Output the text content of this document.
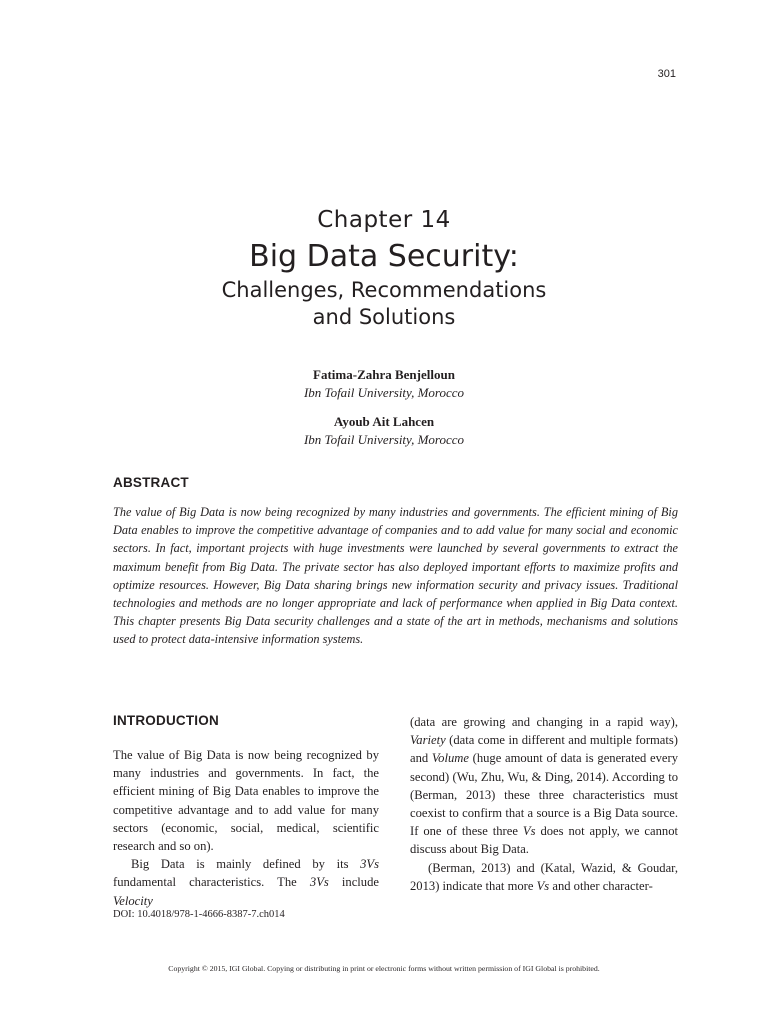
301
Chapter 14
Big Data Security:
Challenges, Recommendations
and Solutions
Fatima-Zahra Benjelloun
Ibn Tofail University, Morocco
Ayoub Ait Lahcen
Ibn Tofail University, Morocco
ABSTRACT

The value of Big Data is now being recognized by many industries and governments. The efficient mining of Big Data enables to improve the competitive advantage of companies and to add value for many social and economic sectors. In fact, important projects with huge investments were launched by several governments to extract the maximum benefit from Big Data. The private sector has also deployed important efforts to maximize profits and optimize resources. However, Big Data sharing brings new information security and privacy issues. Traditional technologies and methods are no longer appropriate and lack of performance when applied in Big Data context. This chapter presents Big Data security challenges and a state of the art in methods, mechanisms and solutions used to protect data-intensive information systems.

INTRODUCTION

The value of Big Data is now being recognized by many industries and governments. In fact, the efficient mining of Big Data enables to improve the competitive advantage and to add value for many sectors (economic, social, medical, scientific research and so on).

Big Data is mainly defined by its 3Vs fundamental characteristics. The 3Vs include Velocity

(data are growing and changing in a rapid way), Variety (data come in different and multiple formats) and Volume (huge amount of data is generated every second) (Wu, Zhu, Wu, & Ding, 2014). According to (Berman, 2013) these three characteristics must coexist to confirm that a source is a Big Data source. If one of these three Vs does not apply, we cannot discuss about Big Data.

(Berman, 2013) and (Katal, Wazid, & Goudar, 2013) indicate that more Vs and other character-

DOI: 10.4018/978-1-4666-8387-7.ch014
Copyright © 2015, IGI Global. Copying or distributing in print or electronic forms without written permission of IGI Global is prohibited.
